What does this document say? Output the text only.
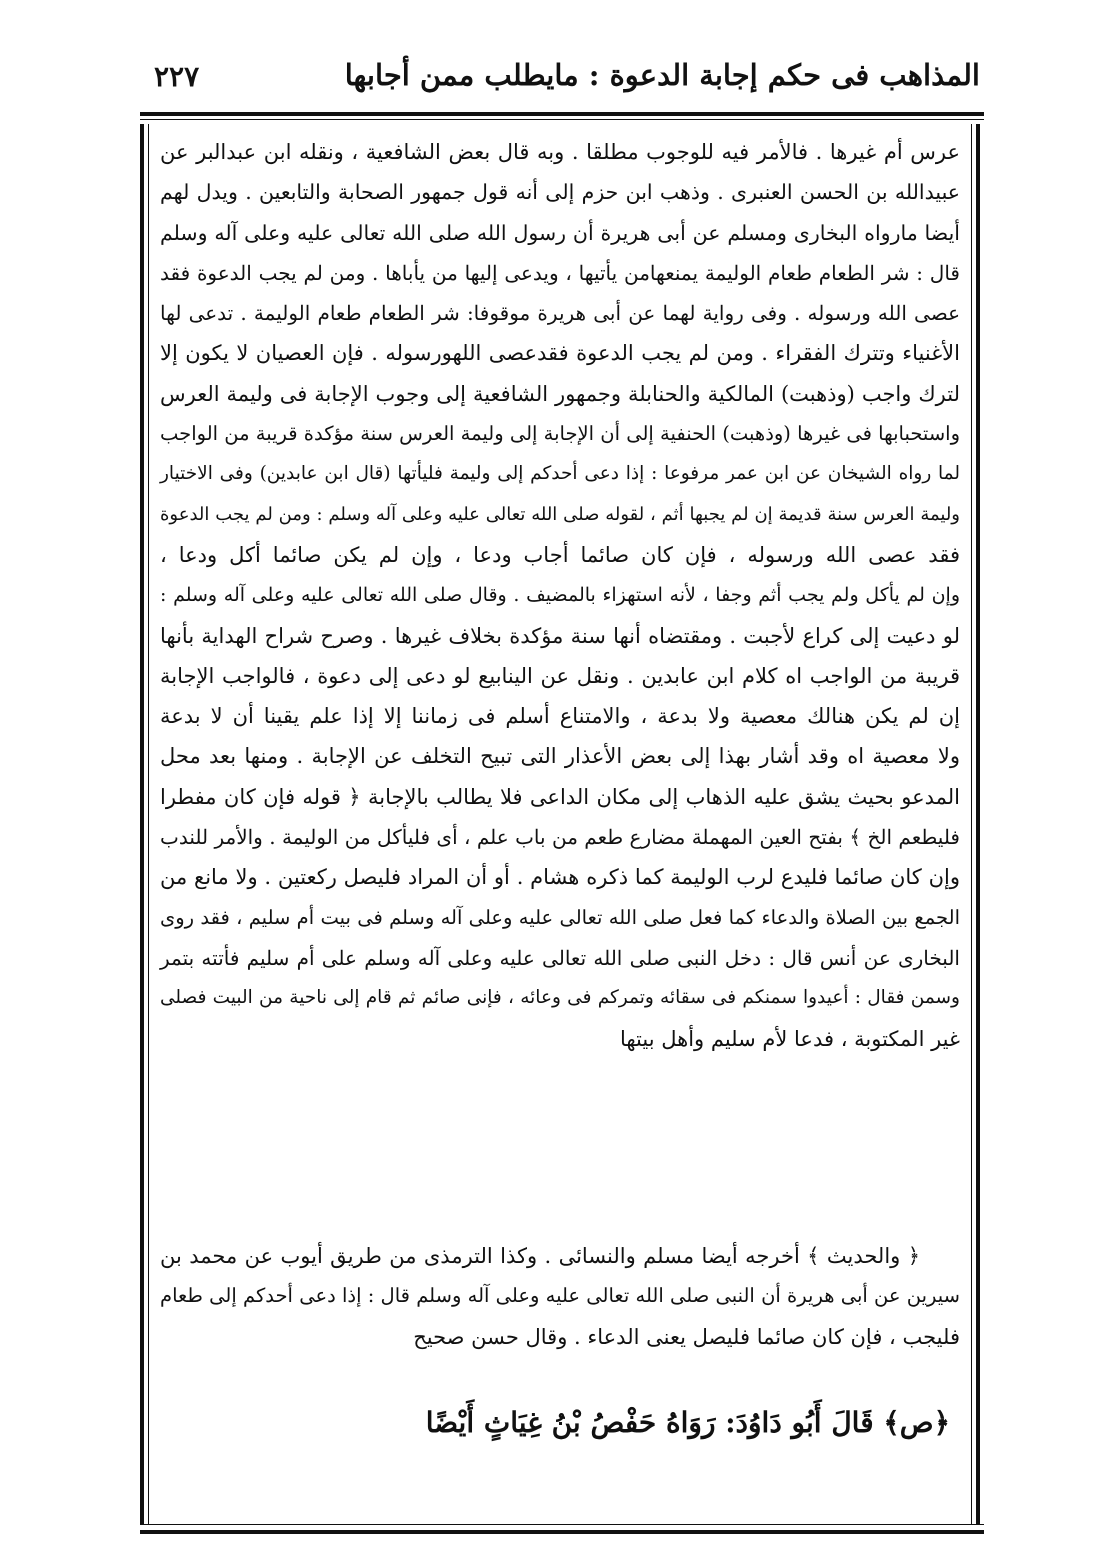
المذاهب فى حكم إجابة الدعوة : مايطلب ممن أجابها
٢٢٧

عرس أم غيرها . فالأمر فيه للوجوب مطلقا . وبه قال بعض الشافعية ، ونقله ابن عبدالبر عن

عبيدالله بن الحسن العنبرى . وذهب ابن حزم إلى أنه قول جمهور الصحابة والتابعين . ويدل لهم

أيضا مارواه البخارى ومسلم عن أبى هريرة أن رسول الله صلى الله تعالى عليه وعلى آله وسلم

قال : شر الطعام طعام الوليمة يمنعهامن يأتيها ، ويدعى إليها من يأباها . ومن لم يجب الدعوة فقد

عصى الله ورسوله . وفى رواية لهما عن أبى هريرة موقوفا: شر الطعام طعام الوليمة . تدعى لها

الأغنياء وتترك الفقراء . ومن لم يجب الدعوة فقدعصى اللهورسوله . فإن العصيان لا يكون إلا

لترك واجب (وذهبت) المالكية والحنابلة وجمهور الشافعية إلى وجوب الإجابة فى وليمة العرس

واستحبابها فى غيرها (وذهبت) الحنفية إلى أن الإجابة إلى وليمة العرس سنة مؤكدة قريبة من الواجب

لما رواه الشيخان عن ابن عمر مرفوعا : إذا دعى أحدكم إلى وليمة فليأتها (قال ابن عابدين) وفى الاختيار

وليمة العرس سنة قديمة إن لم يجبها أثم ، لقوله صلى الله تعالى عليه وعلى آله وسلم : ومن لم يجب الدعوة

فقد عصى الله ورسوله ، فإن كان صائما أجاب ودعا ، وإن لم يكن صائما أكل ودعا ،

وإن لم يأكل ولم يجب أثم وجفا ، لأنه استهزاء بالمضيف . وقال صلى الله تعالى عليه وعلى آله وسلم :

لو دعيت إلى كراع لأجبت . ومقتضاه أنها سنة مؤكدة بخلاف غيرها . وصرح شراح الهداية بأنها

قريبة من الواجب اه كلام ابن عابدين . ونقل عن الينابيع لو دعى إلى دعوة ، فالواجب الإجابة

إن لم يكن هنالك معصية ولا بدعة ، والامتناع أسلم فى زماننا إلا إذا علم يقينا أن لا بدعة

ولا معصية اه وقد أشار بهذا إلى بعض الأعذار التى تبيح التخلف عن الإجابة . ومنها بعد محل

المدعو بحيث يشق عليه الذهاب إلى مكان الداعى فلا يطالب بالإجابة ﴿ قوله فإن كان مفطرا

فليطعم الخ ﴾ بفتح العين المهملة مضارع طعم من باب علم ، أى فليأكل من الوليمة . والأمر للندب

وإن كان صائما فليدع لرب الوليمة كما ذكره هشام . أو أن المراد فليصل ركعتين . ولا مانع من

الجمع بين الصلاة والدعاء كما فعل صلى الله تعالى عليه وعلى آله وسلم فى بيت أم سليم ، فقد روى

البخارى عن أنس قال : دخل النبى صلى الله تعالى عليه وعلى آله وسلم على أم سليم فأتته بتمر

وسمن فقال : أعيدوا سمنكم فى سقائه وتمركم فى وعائه ، فإنى صائم ثم قام إلى ناحية من البيت فصلى

غير المكتوبة ، فدعا لأم سليم وأهل بيتها

﴿ والحديث ﴾ أخرجه أيضا مسلم والنسائى . وكذا الترمذى من طريق أيوب عن محمد بن

سيرين عن أبى هريرة أن النبى صلى الله تعالى عليه وعلى آله وسلم قال : إذا دعى أحدكم إلى طعام

فليجب ، فإن كان صائما فليصل يعنى الدعاء . وقال حسن صحيح

﴿ص﴾ قَالَ أَبُو دَاوُدَ: رَوَاهُ حَفْصُ بْنُ غِيَاثٍ أَيْضًا
